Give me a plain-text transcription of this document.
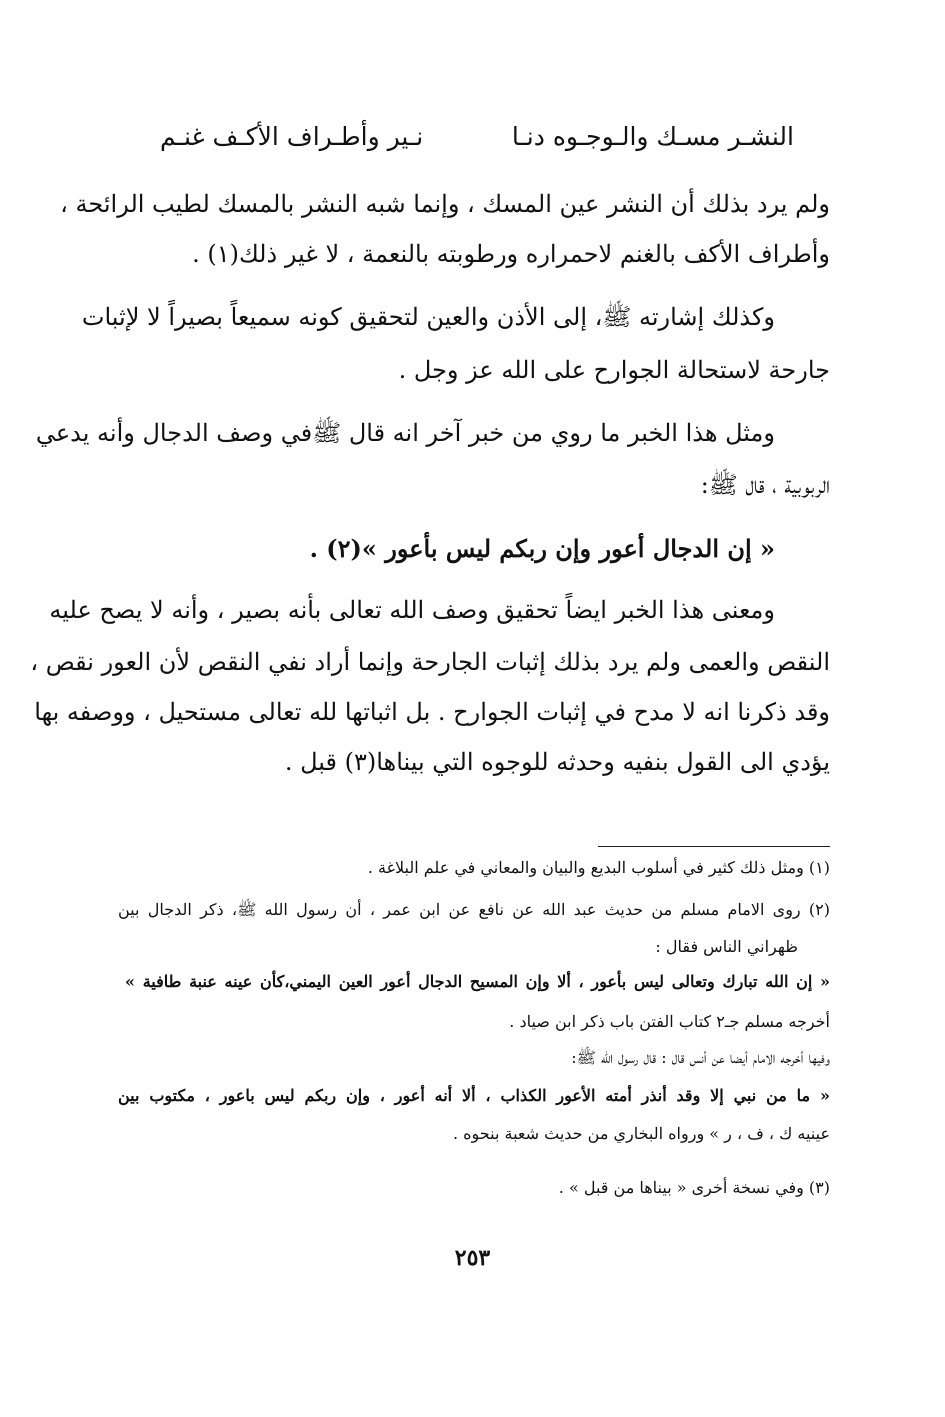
النشـر مسـك والـوجـوه دنـا
نـير وأطـراف الأكـف غنـم
ولم يرد بذلك أن النشر عين المسك ، وإنما شبه النشر بالمسك لطيب الرائحة ،
وأطراف الأكف بالغنم لاحمراره ورطوبته بالنعمة ، لا غير ذلك(١) .
وكذلك إشارته ﷺ، إلى الأذن والعين لتحقيق كونه سميعاً بصيراً لا لإثبات
جارحة لاستحالة الجوارح على الله عز وجل .
ومثل هذا الخبر ما روي من خبر آخر انه قال ﷺفي وصف الدجال وأنه يدعي
الربوبية ، قال ﷺ:
« إن الدجال أعور وإن ربكم ليس بأعور »(٢) .
ومعنى هذا الخبر ايضاً تحقيق وصف الله تعالى بأنه بصير ، وأنه لا يصح عليه
النقص والعمى ولم يرد بذلك إثبات الجارحة وإنما أراد نفي النقص لأن العور نقص ،
وقد ذكرنا انه لا مدح في إثبات الجوارح . بل اثباتها لله تعالى مستحيل ، ووصفه بها
يؤدي الى القول بنفيه وحدثه للوجوه التي بيناها(٣) قبل .
(١) ومثل ذلك كثير في أسلوب البديع والبيان والمعاني في علم البلاغة .
(٢) روى الامام مسلم من حديث عبد الله عن نافع عن ابن عمر ، أن رسول الله ﷺ، ذكر الدجال بين
ظهراني الناس فقال :
« إن الله تبارك وتعالى ليس بأعور ، ألا وإن المسيح الدجال أعور العين اليمني،كأن عينه عنبة طافية »
أخرجه مسلم جـ٢ كتاب الفتن باب ذكر ابن صياد .
وفيها أخرجه الامام أيضا عن أنس قال : قال رسول الله ﷺ:
« ما من نبي إلا وقد أنذر أمته الأعور الكذاب ، ألا أنه أعور ، وإن ربكم ليس باعور ، مكتوب بين
عينيه ك ، ف ، ر » ورواه البخاري من حديث شعبة بنحوه .
(٣) وفي نسخة أخرى « بيناها من قبل » .
٢٥٣
